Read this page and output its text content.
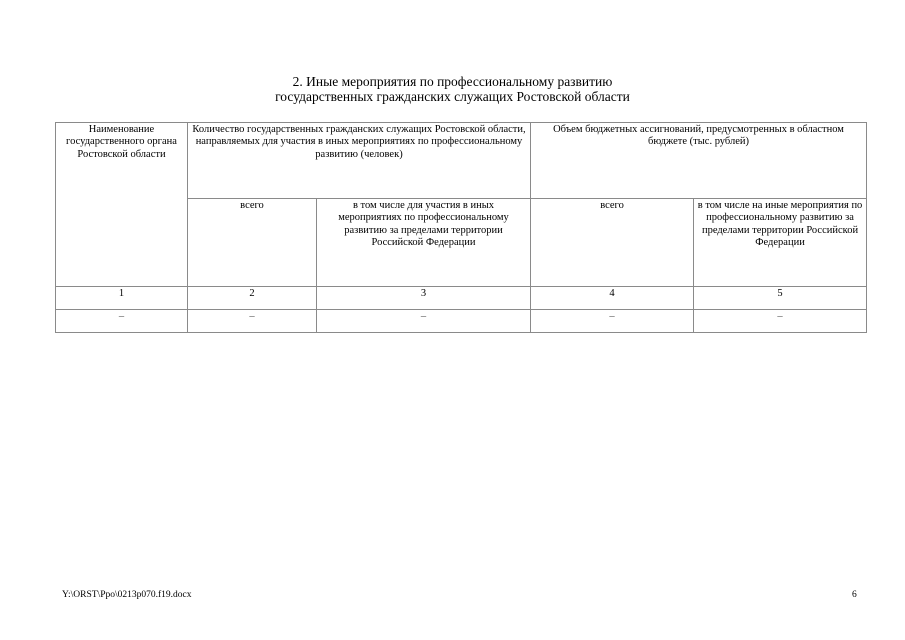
2. Иные мероприятия по профессиональному развитию
государственных гражданских служащих Ростовской области
Наименование государственного органа Ростовской области	Количество государственных гражданских служащих Ростовской области, направляемых для участия в иных мероприятиях по профессиональному развитию (человек)		Объем бюджетных ассигнований, предусмотренных в областном бюджете (тыс. рублей)	
	всего	в том числе для участия в иных мероприятиях по профессиональному развитию за пределами территории Российской Федерации	всего	в том числе на иные мероприятия по профессиональному развитию за пределами территории Российской Федерации
1	2	3	4	5
–	–	–	–	–
Y:\ORST\Ppo\0213p070.f19.docx	6
